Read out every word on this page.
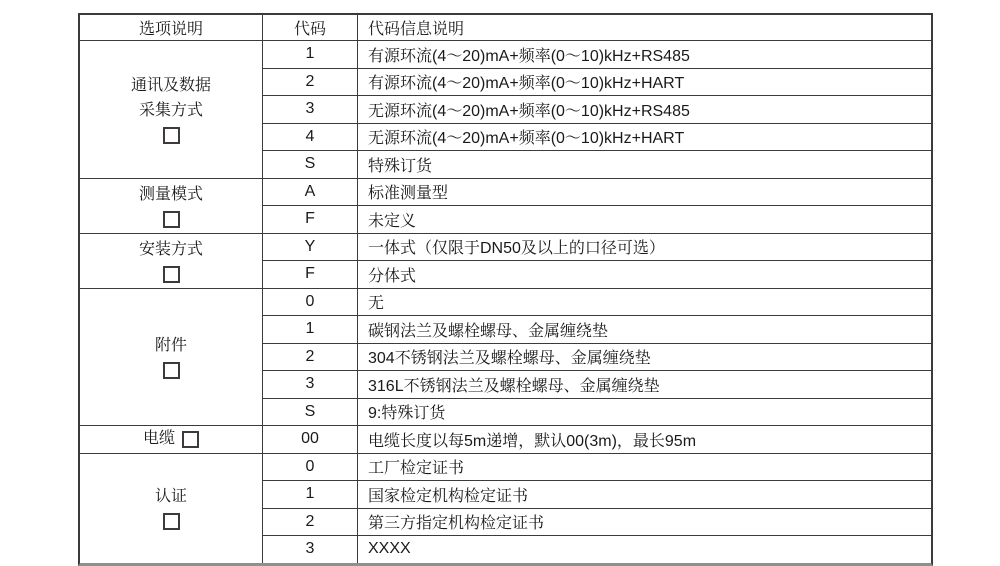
选项说明	代码	代码信息说明
通讯及数据
采集方式
1	有源环流(4～20)mA+频率(0～10)kHz+RS485
2	有源环流(4～20)mA+频率(0～10)kHz+HART
3	无源环流(4～20)mA+频率(0～10)kHz+RS485
4	无源环流(4～20)mA+频率(0～10)kHz+HART
S	特殊订货
测量模式	A	标准测量型
F	未定义
安装方式	Y	一体式（仅限于DN50及以上的口径可选）
F	分体式
附件
0	无
1	碳钢法兰及螺栓螺母、金属缠绕垫
2	304不锈钢法兰及螺栓螺母、金属缠绕垫
3	316L不锈钢法兰及螺栓螺母、金属缠绕垫
S	9:特殊订货
电缆	00	电缆长度以每5m递增，默认00(3m)，最长95m
认证
0	工厂检定证书
1	国家检定机构检定证书
2	第三方指定机构检定证书
3	XXXX
